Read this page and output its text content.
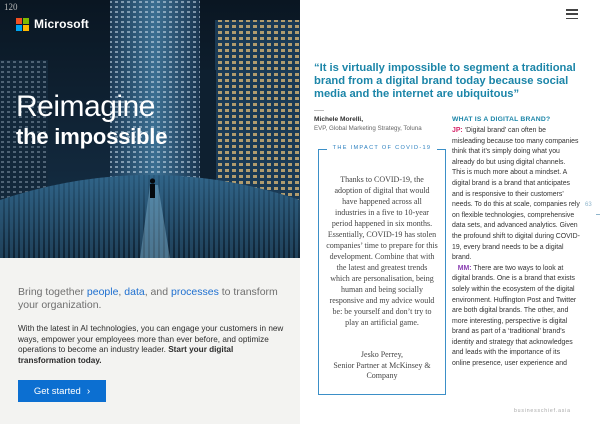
120
Microsoft
Reimagine
the impossible

Bring together people, data, and processes to transform your organization.

With the latest in AI technologies, you can engage your customers in new ways, empower your employees more than ever before, and optimize operations to become an industry leader. Start your digital transformation today.

Get started ›

“It is virtually impossible to segment a traditional brand from a digital brand today because social media and the internet are ubiquitous”

Michele Morelli,

EVP, Global Marketing Strategy, Toluna

THE IMPACT OF COVID-19

Thanks to COVID-19, the adoption of digital that would have happened across all industries in a five to 10-year period happened in six months. Essentially, COVID-19 has stolen companies’ time to prepare for this development. Combine that with the latest and greatest trends which are personalisation, being human and being socially responsive and my advice would be: be yourself and don’t try to play an artificial game.

Jesko Perrey,
Senior Partner at McKinsey & Company

WHAT IS A DIGITAL BRAND?

JP: ‘Digital brand’ can often be misleading because too many companies think that it’s simply doing what you already do but using digital channels. This is much more about a mindset. A digital brand is a brand that anticipates and is responsive to their customers’ needs. To do this at scale, companies rely on flexible technologies, comprehensive data sets, and advanced analytics. Given the profound shift to digital during COVID-19, every brand needs to be a digital brand.

MM: There are two ways to look at digital brands. One is a brand that exists solely within the ecosystem of the digital environment. Huffington Post and Twitter are both digital brands. The other, and more interesting, perspective is digital brand as part of a ‘traditional’ brand’s identity and strategy that acknowledges and leads with the importance of its online presence, user experience and

63
businesschief.asia
